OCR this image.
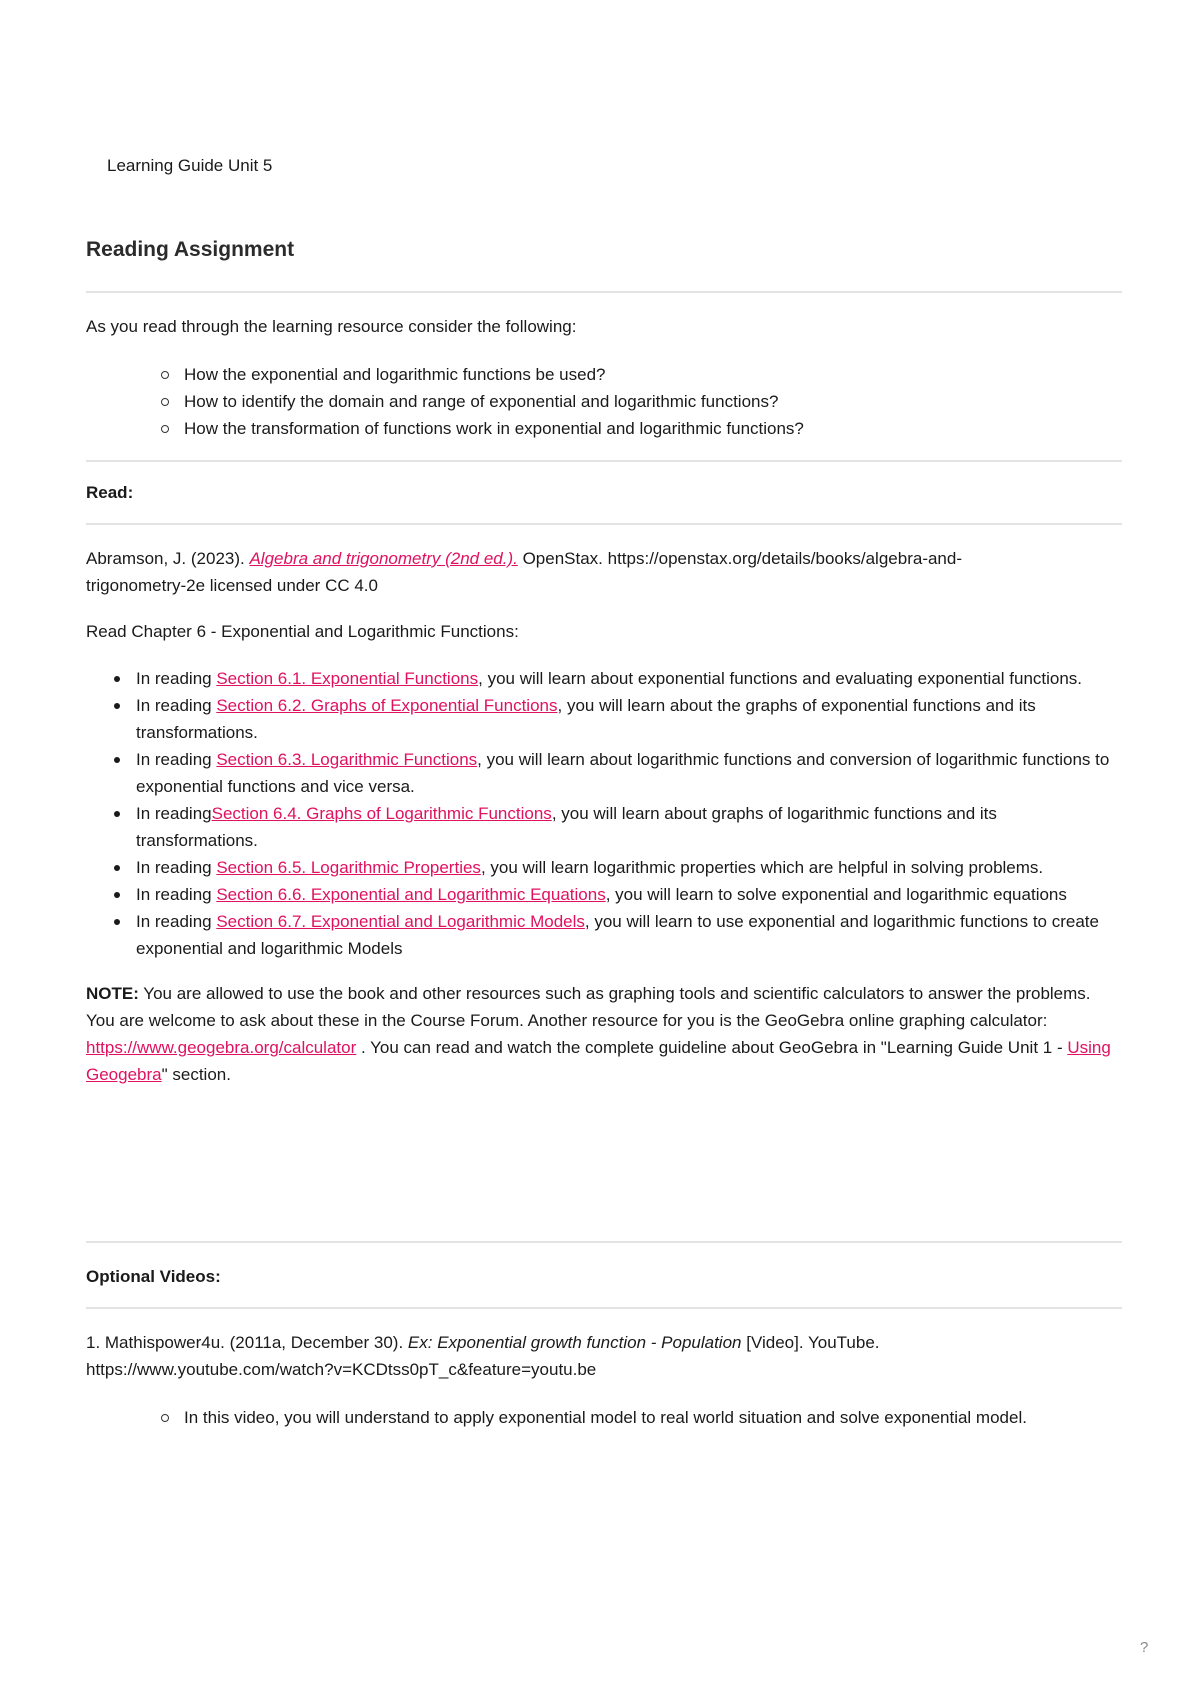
Learning Guide Unit 5
Reading Assignment

As you read through the learning resource consider the following:

How the exponential and logarithmic functions be used?
How to identify the domain and range of exponential and logarithmic functions?
How the transformation of functions work in exponential and logarithmic functions?
Read:

Abramson, J. (2023). Algebra and trigonometry (2nd ed.). OpenStax. https://openstax.org/details/books/algebra-and-
trigonometry-2e licensed under CC 4.0

Read Chapter 6 - Exponential and Logarithmic Functions:

In reading Section 6.1. Exponential Functions, you will learn about exponential functions and evaluating exponential functions.
In reading Section 6.2. Graphs of Exponential Functions, you will learn about the graphs of exponential functions and its transformations.
In reading Section 6.3. Logarithmic Functions, you will learn about logarithmic functions and conversion of logarithmic functions to exponential functions and vice versa.
In readingSection 6.4. Graphs of Logarithmic Functions, you will learn about graphs of logarithmic functions and its transformations.
In reading Section 6.5. Logarithmic Properties, you will learn logarithmic properties which are helpful in solving problems.
In reading Section 6.6. Exponential and Logarithmic Equations, you will learn to solve exponential and logarithmic equations
In reading Section 6.7. Exponential and Logarithmic Models, you will learn to use exponential and logarithmic functions to create exponential and logarithmic Models

NOTE: You are allowed to use the book and other resources such as graphing tools and scientific calculators to answer the problems. You are welcome to ask about these in the Course Forum. Another resource for you is the GeoGebra online graphing calculator: https://www.geogebra.org/calculator . You can read and watch the complete guideline about GeoGebra in "Learning Guide Unit 1 - Using Geogebra" section.

Optional Videos:

1. Mathispower4u. (2011a, December 30). Ex: Exponential growth function - Population [Video]. YouTube.
https://www.youtube.com/watch?v=KCDtss0pT_c&feature=youtu.be

In this video, you will understand to apply exponential model to real world situation and solve exponential model.
?
